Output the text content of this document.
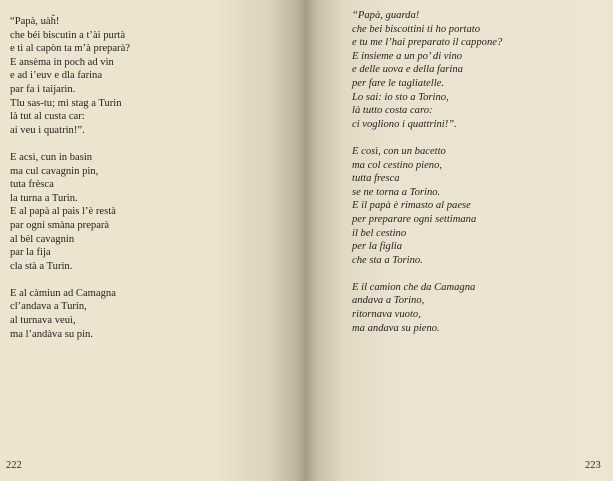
“Papà, uàȟ!
che béi biscutìn a t’ài purtà
e ti al capòn ta m’à preparà?
E ansèma in poch ad vin
e ad i’euv e dla farina
par fa i taijarin.
Tlu sas-tu; mi stag a Turin
là tut al custa car:
ai veu i quatrin!”.
E acsì, cun in basìn
ma cul cavagnin pin,
tuta frèsca
la turna a Turin.
E al papà al pais l’è restà
par ogni smàna preparà
al bèl cavagnin
par la fija
cla stà a Turin.
E al càmiun ad Camagna
cl’andava a Turin,
al turnava veuì,
ma l’andàva su pin.
222
“Papà, guarda!
che bei biscottini ti ho portato
e tu me l’hai preparato il cappone?
E insieme a un po’ di vino
e delle uova e della farina
per fare le tagliatelle.
Lo sai: io sto a Torino,
là tutto costa caro:
ci vogliono i quattrini!”.
E così, con un bacetto
ma col cestino pieno,
tutta fresca
se ne torna a Torino.
E il papà è rimasto al paese
per preparare ogni settimana
il bel cestino
per la figlia
che sta a Torino.
E il camion che da Camagna
andava a Torino,
ritornava vuoto,
ma andava su pieno.
223
